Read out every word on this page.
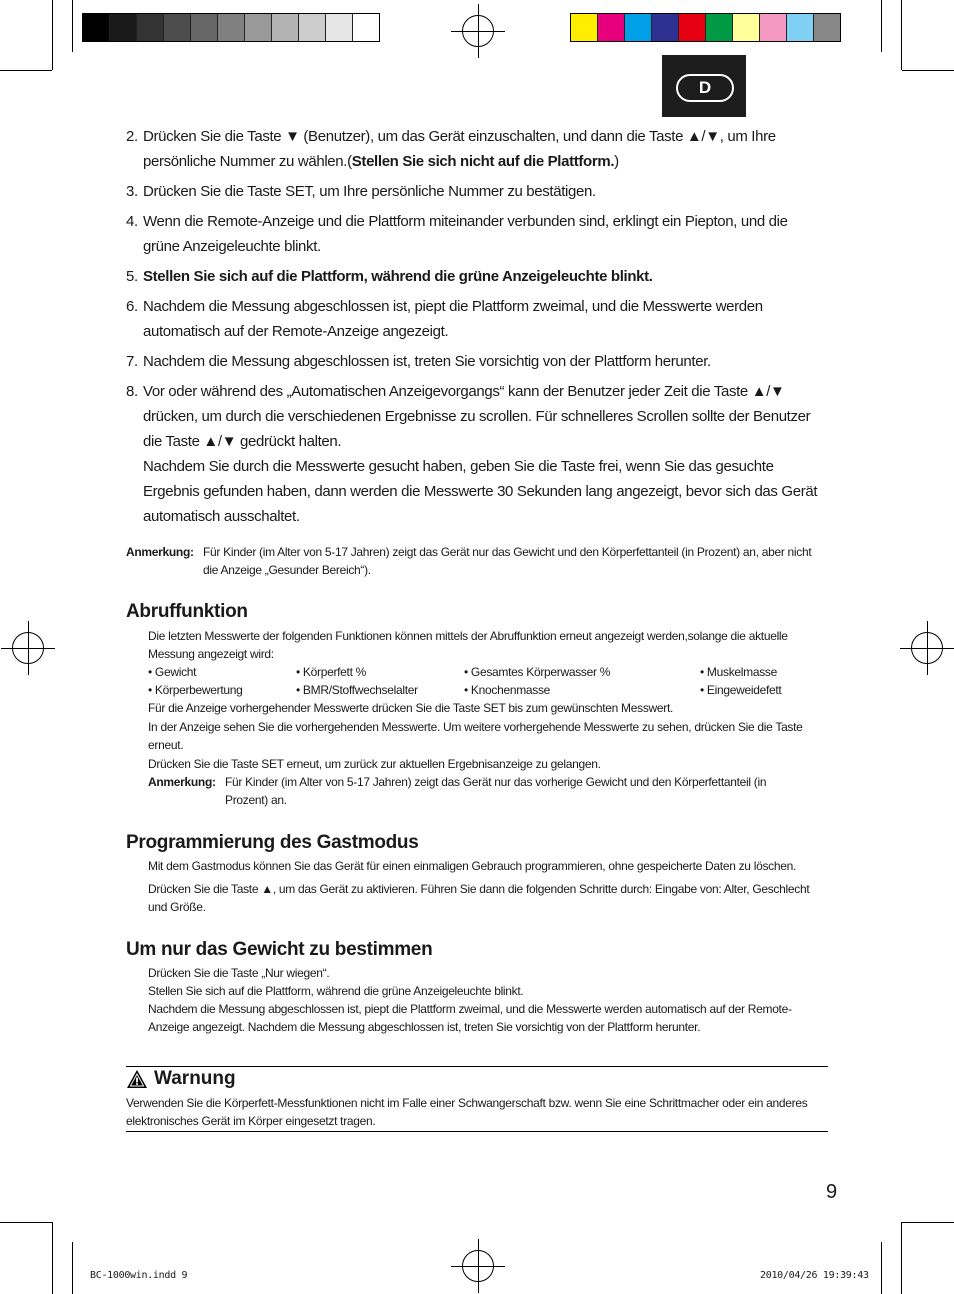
D
2. Drücken Sie die Taste ▼ (Benutzer), um das Gerät einzuschalten, und dann die Taste ▲/▼, um Ihre persönliche Nummer zu wählen.(Stellen Sie sich nicht auf die Plattform.)
3. Drücken Sie die Taste SET, um Ihre persönliche Nummer zu bestätigen.
4. Wenn die Remote-Anzeige und die Plattform miteinander verbunden sind, erklingt ein Piepton, und die grüne Anzeigeleuchte blinkt.
5. Stellen Sie sich auf die Plattform, während die grüne Anzeigeleuchte blinkt.
6. Nachdem die Messung abgeschlossen ist, piept die Plattform zweimal, und die Messwerte werden automatisch auf der Remote-Anzeige angezeigt.
7. Nachdem die Messung abgeschlossen ist, treten Sie vorsichtig von der Plattform herunter.
8. Vor oder während des „Automatischen Anzeigevorgangs“ kann der Benutzer jeder Zeit die Taste ▲/▼ drücken, um durch die verschiedenen Ergebnisse zu scrollen. Für schnelleres Scrollen sollte der Benutzer die Taste ▲/▼ gedrückt halten.
Nachdem Sie durch die Messwerte gesucht haben, geben Sie die Taste frei, wenn Sie das gesuchte Ergebnis gefunden haben, dann werden die Messwerte 30 Sekunden lang angezeigt, bevor sich das Gerät automatisch ausschaltet.
Anmerkung: Für Kinder (im Alter von 5-17 Jahren) zeigt das Gerät nur das Gewicht und den Körperfettanteil (in Prozent) an, aber nicht die Anzeige „Gesunder Bereich“).
Abruffunktion

Die letzten Messwerte der folgenden Funktionen können mittels der Abruffunktion erneut angezeigt werden,solange die aktuelle Messung angezeigt wird:

• Gewicht	• Körperfett %	• Gesamtes Körperwasser %	• Muskelmasse
• Körperbewertung	• BMR/Stoffwechselalter	• Knochenmasse	• Eingeweidefett

Für die Anzeige vorhergehender Messwerte drücken Sie die Taste SET bis zum gewünschten Messwert.

In der Anzeige sehen Sie die vorhergehenden Messwerte. Um weitere vorhergehende Messwerte zu sehen, drücken Sie die Taste erneut.

Drücken Sie die Taste SET erneut, um zurück zur aktuellen Ergebnisanzeige zu gelangen.

Anmerkung: Für Kinder (im Alter von 5-17 Jahren) zeigt das Gerät nur das vorherige Gewicht und den Körperfettanteil (in Prozent) an.
Programmierung des Gastmodus

Mit dem Gastmodus können Sie das Gerät für einen einmaligen Gebrauch programmieren, ohne gespeicherte Daten zu löschen.

Drücken Sie die Taste ▲, um das Gerät zu aktivieren. Führen Sie dann die folgenden Schritte durch: Eingabe von: Alter, Geschlecht und Größe.

Um nur das Gewicht zu bestimmen

Drücken Sie die Taste „Nur wiegen“.

Stellen Sie sich auf die Plattform, während die grüne Anzeigeleuchte blinkt.

Nachdem die Messung abgeschlossen ist, piept die Plattform zweimal, und die Messwerte werden automatisch auf der Remote-Anzeige angezeigt. Nachdem die Messung abgeschlossen ist, treten Sie vorsichtig von der Plattform herunter.

Warnung

Verwenden Sie die Körperfett-Messfunktionen nicht im Falle einer Schwangerschaft bzw. wenn Sie eine Schrittmacher oder ein anderes elektronisches Gerät im Körper eingesetzt tragen.

9
BC-1000win.indd 9	2010/04/26 19:39:43
